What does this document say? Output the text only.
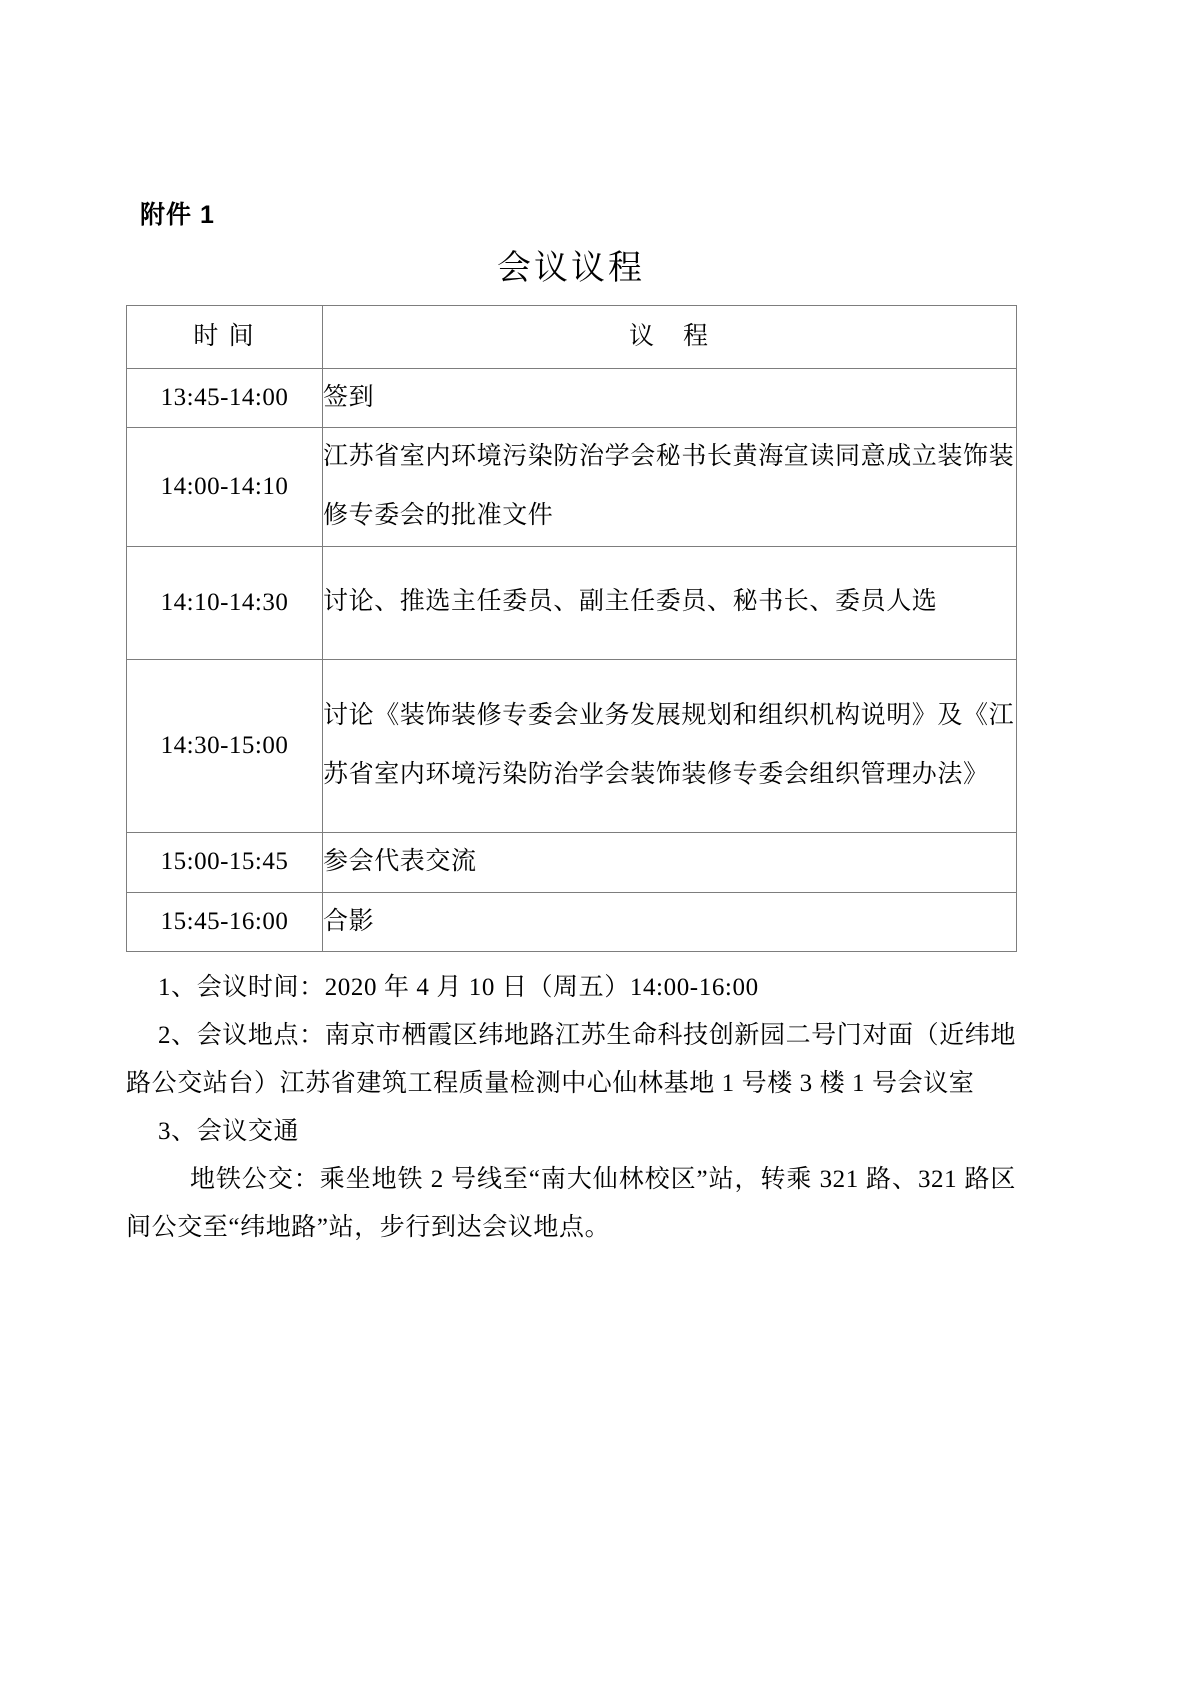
附件 1
会议议程
时 间	议　程
13:45-14:00	签到
14:00-14:10	江苏省室内环境污染防治学会秘书长黄海宣读同意成立装饰装修专委会的批准文件
14:10-14:30	讨论、推选主任委员、副主任委员、秘书长、委员人选
14:30-15:00	讨论《装饰装修专委会业务发展规划和组织机构说明》及《江苏省室内环境污染防治学会装饰装修专委会组织管理办法》
15:00-15:45	参会代表交流
15:45-16:00	合影

1、会议时间：2020 年 4 月 10 日（周五）14:00-16:00

2、会议地点：南京市栖霞区纬地路江苏生命科技创新园二号门对面（近纬地路公交站台）江苏省建筑工程质量检测中心仙林基地 1 号楼 3 楼 1 号会议室

3、会议交通

地铁公交：乘坐地铁 2 号线至“南大仙林校区”站，转乘 321 路、321 路区间公交至“纬地路”站，步行到达会议地点。
